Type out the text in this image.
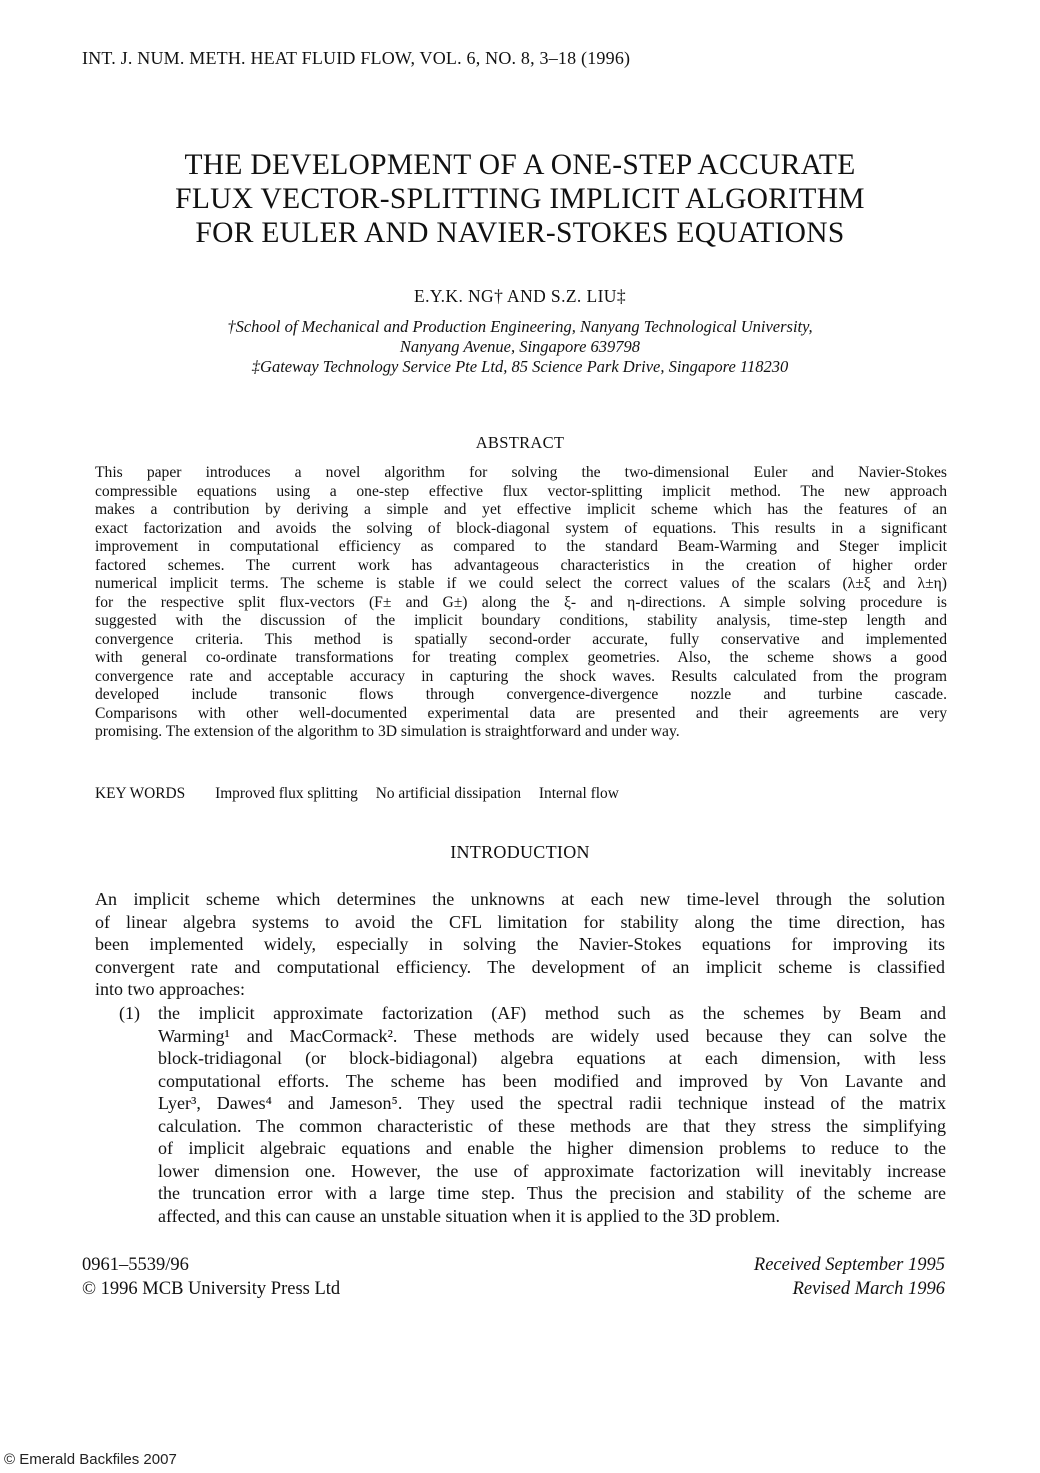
INT. J. NUM. METH. HEAT FLUID FLOW, VOL. 6, NO. 8, 3–18 (1996)
THE DEVELOPMENT OF A ONE-STEP ACCURATE
FLUX VECTOR-SPLITTING IMPLICIT ALGORITHM
FOR EULER AND NAVIER-STOKES EQUATIONS
E.Y.K. NG† AND S.Z. LIU‡
†School of Mechanical and Production Engineering, Nanyang Technological University,
Nanyang Avenue, Singapore 639798
‡Gateway Technology Service Pte Ltd, 85 Science Park Drive, Singapore 118230
ABSTRACT
This paper introduces a novel algorithm for solving the two-dimensional Euler and Navier-Stokes
compressible equations using a one-step effective flux vector-splitting implicit method. The new approach
makes a contribution by deriving a simple and yet effective implicit scheme which has the features of an
exact factorization and avoids the solving of block-diagonal system of equations. This results in a significant
improvement in computational efficiency as compared to the standard Beam-Warming and Steger implicit
factored schemes. The current work has advantageous characteristics in the creation of higher order
numerical implicit terms. The scheme is stable if we could select the correct values of the scalars (λ±ξ and λ±η)
for the respective split flux-vectors (F± and G±) along the ξ- and η-directions. A simple solving procedure is
suggested with the discussion of the implicit boundary conditions, stability analysis, time-step length and
convergence criteria. This method is spatially second-order accurate, fully conservative and implemented
with general co-ordinate transformations for treating complex geometries. Also, the scheme shows a good
convergence rate and acceptable accuracy in capturing the shock waves. Results calculated from the program
developed include transonic flows through convergence-divergence nozzle and turbine cascade.
Comparisons with other well-documented experimental data are presented and their agreements are very
promising. The extension of the algorithm to 3D simulation is straightforward and under way.
KEY WORDS Improved flux splitting No artificial dissipation Internal flow
INTRODUCTION
An implicit scheme which determines the unknowns at each new time-level through the solution
of linear algebra systems to avoid the CFL limitation for stability along the time direction, has
been implemented widely, especially in solving the Navier-Stokes equations for improving its
convergent rate and computational efficiency. The development of an implicit scheme is classified
into two approaches:
(1) the implicit approximate factorization (AF) method such as the schemes by Beam and
Warming¹ and MacCormack². These methods are widely used because they can solve the
block-tridiagonal (or block-bidiagonal) algebra equations at each dimension, with less
computational efforts. The scheme has been modified and improved by Von Lavante and
Lyer³, Dawes⁴ and Jameson⁵. They used the spectral radii technique instead of the matrix
calculation. The common characteristic of these methods are that they stress the simplifying
of implicit algebraic equations and enable the higher dimension problems to reduce to the
lower dimension one. However, the use of approximate factorization will inevitably increase
the truncation error with a large time step. Thus the precision and stability of the scheme are
affected, and this can cause an unstable situation when it is applied to the 3D problem.
0961–5539/96
© 1996 MCB University Press Ltd
Received September 1995
Revised March 1996
© Emerald Backfiles 2007
